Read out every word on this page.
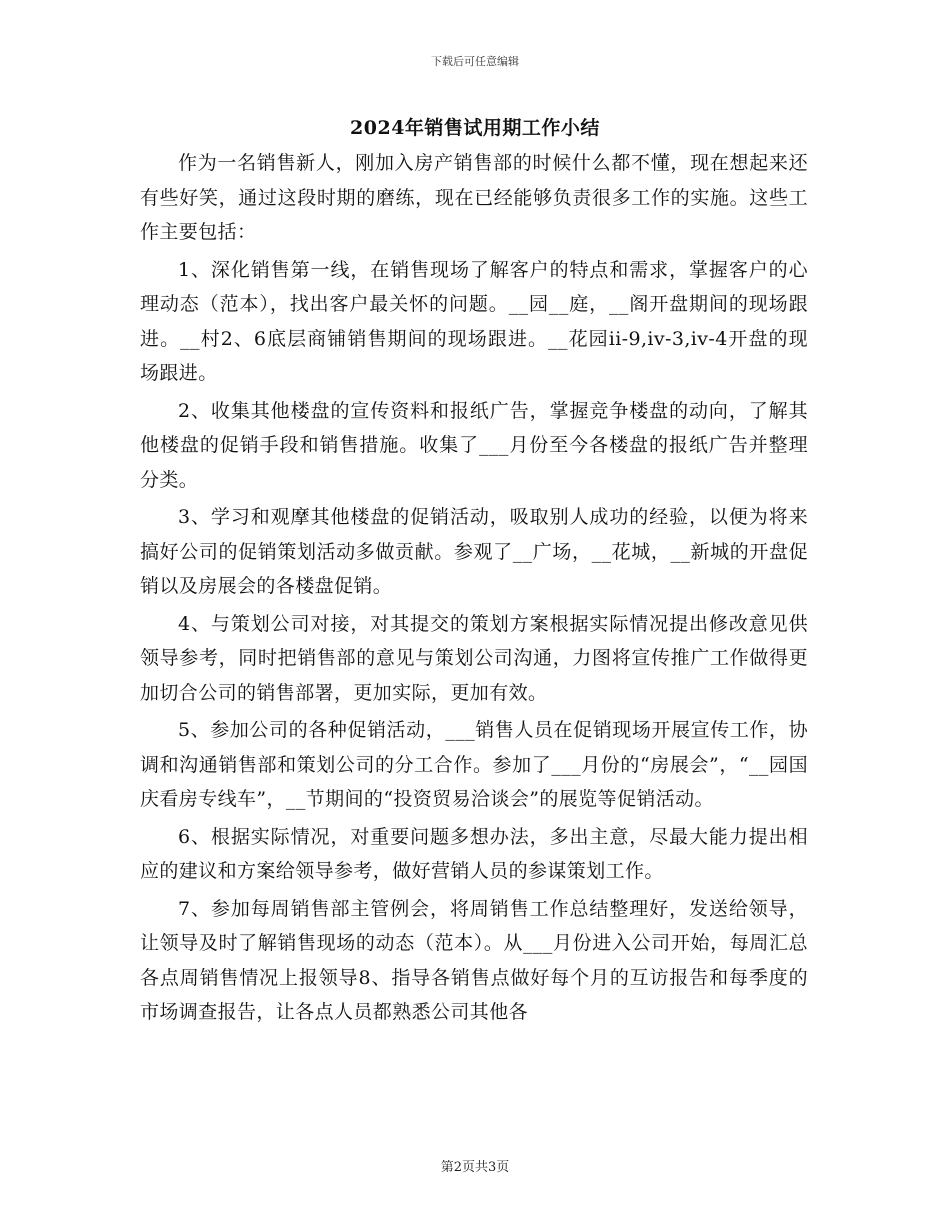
下载后可任意编辑
2024年销售试用期工作小结

作为一名销售新人，刚加入房产销售部的时候什么都不懂，现在想起来还有些好笑，通过这段时期的磨练，现在已经能够负责很多工作的实施。这些工作主要包括：

1、深化销售第一线，在销售现场了解客户的特点和需求，掌握客户的心理动态（范本），找出客户最关怀的问题。__园__庭，__阁开盘期间的现场跟进。__村2、6底层商铺销售期间的现场跟进。__花园ii-9,iv-3,iv-4开盘的现场跟进。

2、收集其他楼盘的宣传资料和报纸广告，掌握竞争楼盘的动向，了解其他楼盘的促销手段和销售措施。收集了___月份至今各楼盘的报纸广告并整理分类。

3、学习和观摩其他楼盘的促销活动，吸取别人成功的经验，以便为将来搞好公司的促销策划活动多做贡献。参观了__广场，__花城，__新城的开盘促销以及房展会的各楼盘促销。

4、与策划公司对接，对其提交的策划方案根据实际情况提出修改意见供领导参考，同时把销售部的意见与策划公司沟通，力图将宣传推广工作做得更加切合公司的销售部署，更加实际，更加有效。

5、参加公司的各种促销活动，___销售人员在促销现场开展宣传工作，协调和沟通销售部和策划公司的分工合作。参加了___月份的“房展会”，“__园国庆看房专线车”，__节期间的“投资贸易洽谈会”的展览等促销活动。

6、根据实际情况，对重要问题多想办法，多出主意，尽最大能力提出相应的建议和方案给领导参考，做好营销人员的参谋策划工作。

7、参加每周销售部主管例会，将周销售工作总结整理好，发送给领导，让领导及时了解销售现场的动态（范本）。从___月份进入公司开始，每周汇总各点周销售情况上报领导8、指导各销售点做好每个月的互访报告和每季度的市场调查报告，让各点人员都熟悉公司其他各

第2页共3页
